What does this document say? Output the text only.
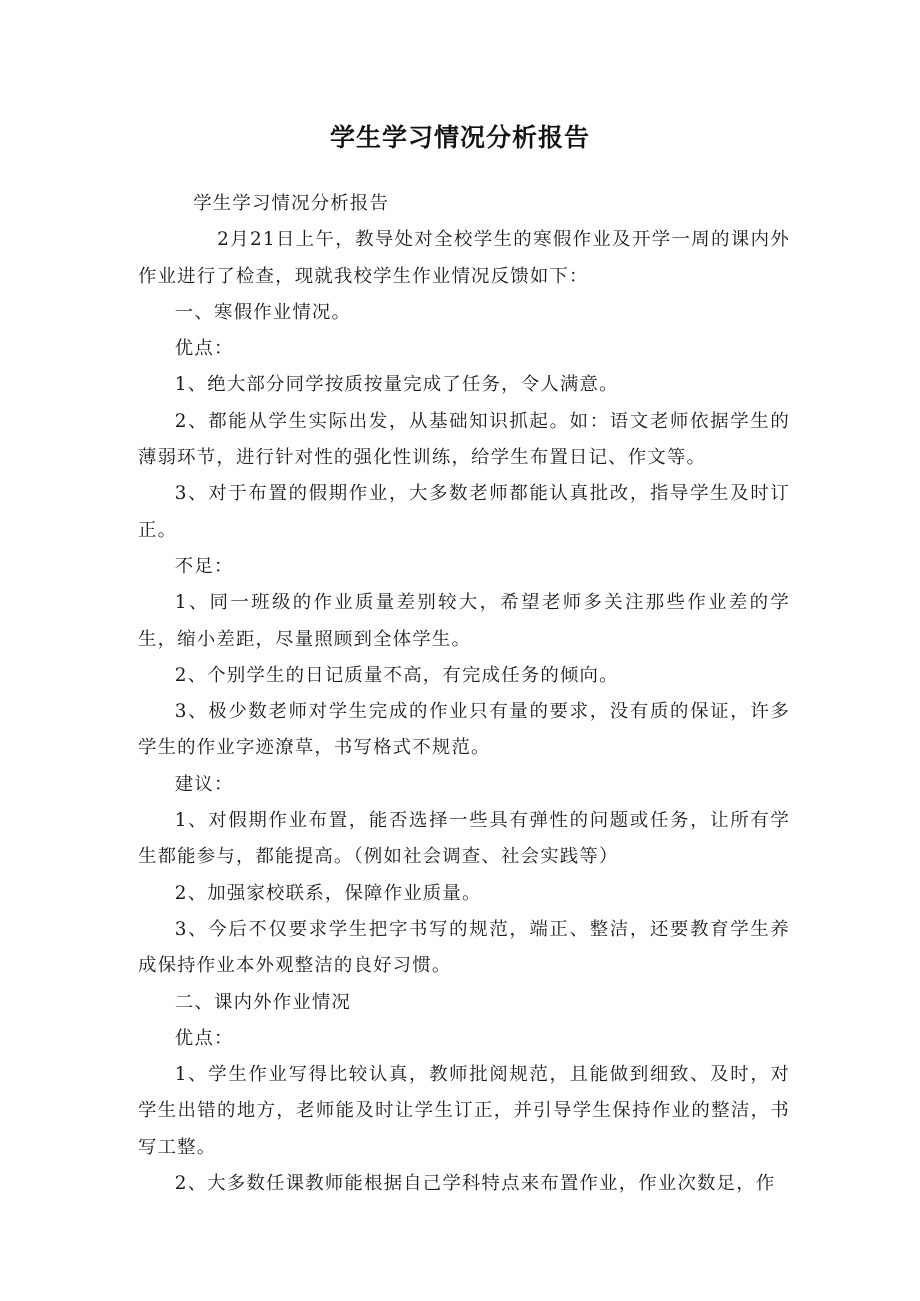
学生学习情况分析报告

学生学习情况分析报告

2月21日上午，教导处对全校学生的寒假作业及开学一周的课内外作业进行了检查，现就我校学生作业情况反馈如下：

一、寒假作业情况。

优点：

1、绝大部分同学按质按量完成了任务，令人满意。

2、都能从学生实际出发，从基础知识抓起。如：语文老师依据学生的薄弱环节，进行针对性的强化性训练，给学生布置日记、作文等。

3、对于布置的假期作业，大多数老师都能认真批改，指导学生及时订正。

不足：

1、同一班级的作业质量差别较大，希望老师多关注那些作业差的学生，缩小差距，尽量照顾到全体学生。

2、个别学生的日记质量不高，有完成任务的倾向。

3、极少数老师对学生完成的作业只有量的要求，没有质的保证，许多学生的作业字迹潦草，书写格式不规范。

建议：

1、对假期作业布置，能否选择一些具有弹性的问题或任务，让所有学生都能参与，都能提高。（例如社会调查、社会实践等）

2、加强家校联系，保障作业质量。

3、今后不仅要求学生把字书写的规范，端正、整洁，还要教育学生养成保持作业本外观整洁的良好习惯。

二、课内外作业情况

优点：

1、学生作业写得比较认真，教师批阅规范，且能做到细致、及时，对学生出错的地方，老师能及时让学生订正，并引导学生保持作业的整洁，书写工整。

2、大多数任课教师能根据自己学科特点来布置作业，作业次数足，作
